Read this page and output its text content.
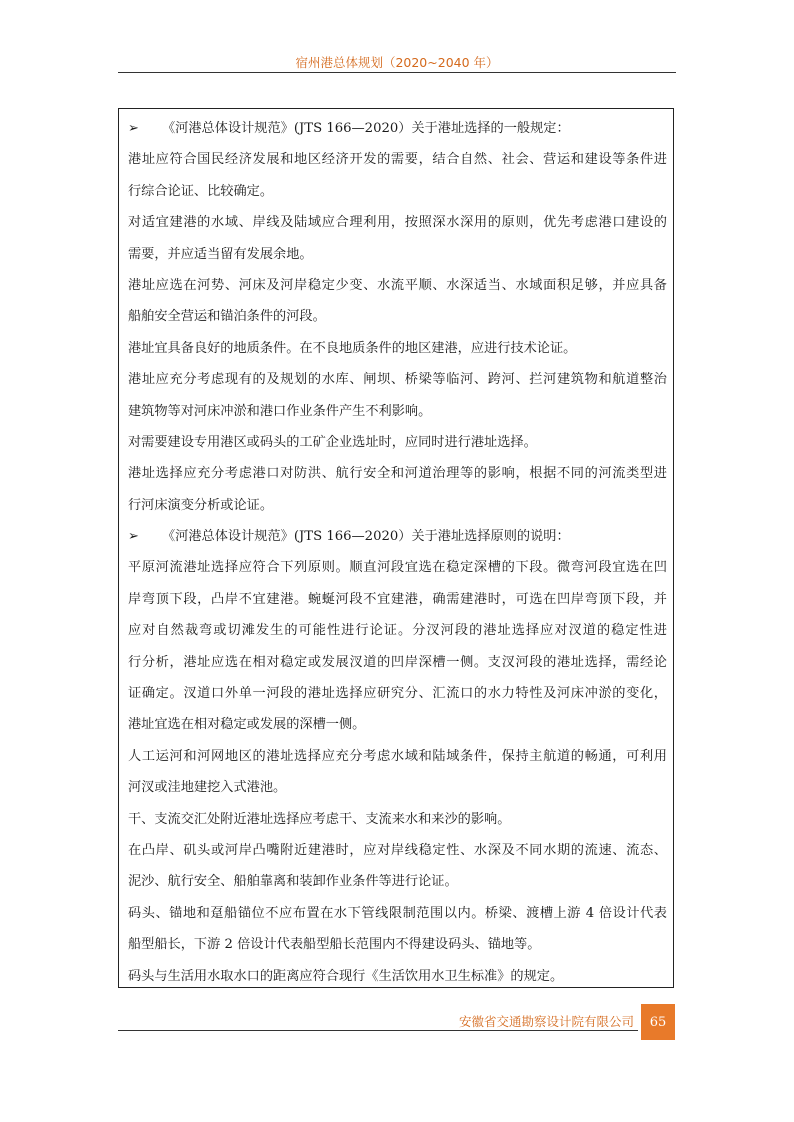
宿州港总体规划（2020~2040 年）
➢ 《河港总体设计规范》(JTS 166—2020）关于港址选择的一般规定：
港址应符合国民经济发展和地区经济开发的需要，结合自然、社会、营运和建设等条件进
行综合论证、比较确定。
对适宜建港的水域、岸线及陆域应合理利用，按照深水深用的原则，优先考虑港口建设的
需要，并应适当留有发展余地。
港址应选在河势、河床及河岸稳定少变、水流平顺、水深适当、水域面积足够，并应具备
船舶安全营运和锚泊条件的河段。
港址宜具备良好的地质条件。在不良地质条件的地区建港，应进行技术论证。
港址应充分考虑现有的及规划的水库、闸坝、桥梁等临河、跨河、拦河建筑物和航道整治
建筑物等对河床冲淤和港口作业条件产生不利影响。
对需要建设专用港区或码头的工矿企业选址时，应同时进行港址选择。
港址选择应充分考虑港口对防洪、航行安全和河道治理等的影响，根据不同的河流类型进
行河床演变分析或论证。
➢ 《河港总体设计规范》(JTS 166—2020）关于港址选择原则的说明：
平原河流港址选择应符合下列原则。顺直河段宜选在稳定深槽的下段。微弯河段宜选在凹
岸弯顶下段，凸岸不宜建港。蜿蜒河段不宜建港，确需建港时，可选在凹岸弯顶下段，并
应对自然裁弯或切滩发生的可能性进行论证。分汊河段的港址选择应对汊道的稳定性进
行分析，港址应选在相对稳定或发展汊道的凹岸深槽一侧。支汊河段的港址选择，需经论
证确定。汊道口外单一河段的港址选择应研究分、汇流口的水力特性及河床冲淤的变化，
港址宜选在相对稳定或发展的深槽一侧。
人工运河和河网地区的港址选择应充分考虑水域和陆域条件，保持主航道的畅通，可利用
河汊或洼地建挖入式港池。
干、支流交汇处附近港址选择应考虑干、支流来水和来沙的影响。
在凸岸、矶头或河岸凸嘴附近建港时，应对岸线稳定性、水深及不同水期的流速、流态、
泥沙、航行安全、船舶靠离和装卸作业条件等进行论证。
码头、锚地和趸船锚位不应布置在水下管线限制范围以内。桥梁、渡槽上游 4 倍设计代表
船型船长，下游 2 倍设计代表船型船长范围内不得建设码头、锚地等。
码头与生活用水取水口的距离应符合现行《生活饮用水卫生标准》的规定。
安徽省交通勘察设计院有限公司	65
